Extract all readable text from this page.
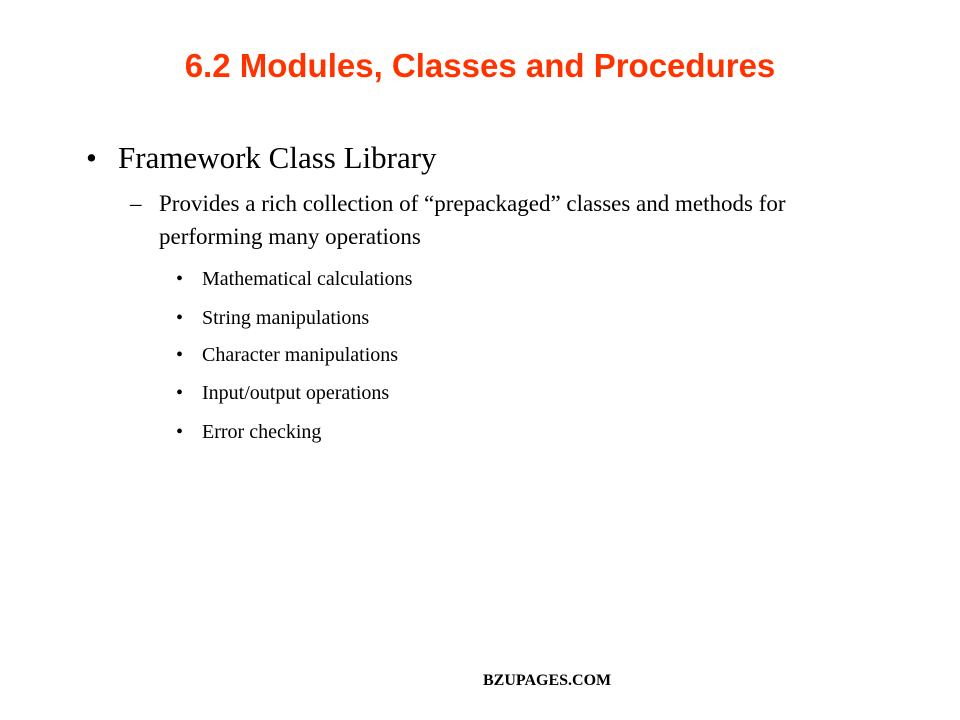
6.2 Modules, Classes and Procedures
• Framework Class Library
– Provides a rich collection of “prepackaged” classes and methods for performing many operations
• Mathematical calculations
• String manipulations
• Character manipulations
• Input/output operations
• Error checking
BZUPAGES.COM
